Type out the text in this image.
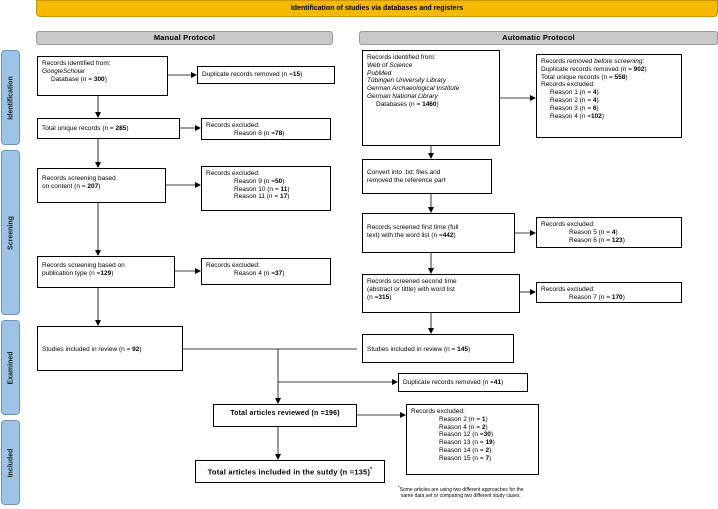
Identification of studies via databases and registers
Manual Protocol	Automatic Protocol
Identification
Screening
Examined
Included
Records identified from:
GoogleScholar
Database (n = 300)
Duplicate records removed (n =15)
Total unique records (n = 285)	Records excluded:
Reason 8 (n =78)
Records screening based
on content (n = 207)
Records excluded:
Reason 9 (n =50)
Reason 10 (n = 11)
Reason 11 (n = 17)
Records screening based on
publication type (n =129)
Records excluded:
Reason 4 (n =37)
Studies included in review (n = 92)
Records identified from:
Web of Science
PubMed
Tübingen University Library
German Archaeological Institute
German National Library
Databases (n = 1460)
Records removed before screening:
Duplicate records removed (n = 902)
Total unique records (n = 558)
Records excluded:
Reason 1 (n = 4)
Reason 2 (n = 4)
Reason 3 (n = 6)
Reason 4 (n =102)
Convert into .txt; files and
removed the reference part
Records screened first time (full
text) with the word list (n =442)
Records excluded:
Reason 5 (n = 4)
Reason 6 (n = 123)
Records screened second time
(abstract or tittle) with word list
(n =315)
Records excluded:
Reason 7 (n = 170)
Studies included in review (n = 145)
Duplicate records removed (n =41)
Total articles reviewed (n =196)	Records excluded:
Reason 2 (n = 1)
Reason 4 (n = 2)
Reason 12 (n =30)
Reason 13 (n = 19)
Reason 14 (n = 2)
Reason 15 (n = 7)
Total articles included in the sutdy (n =135)*
*Some articles are using two different approaches for the
same data set or comparing two different study cases.
